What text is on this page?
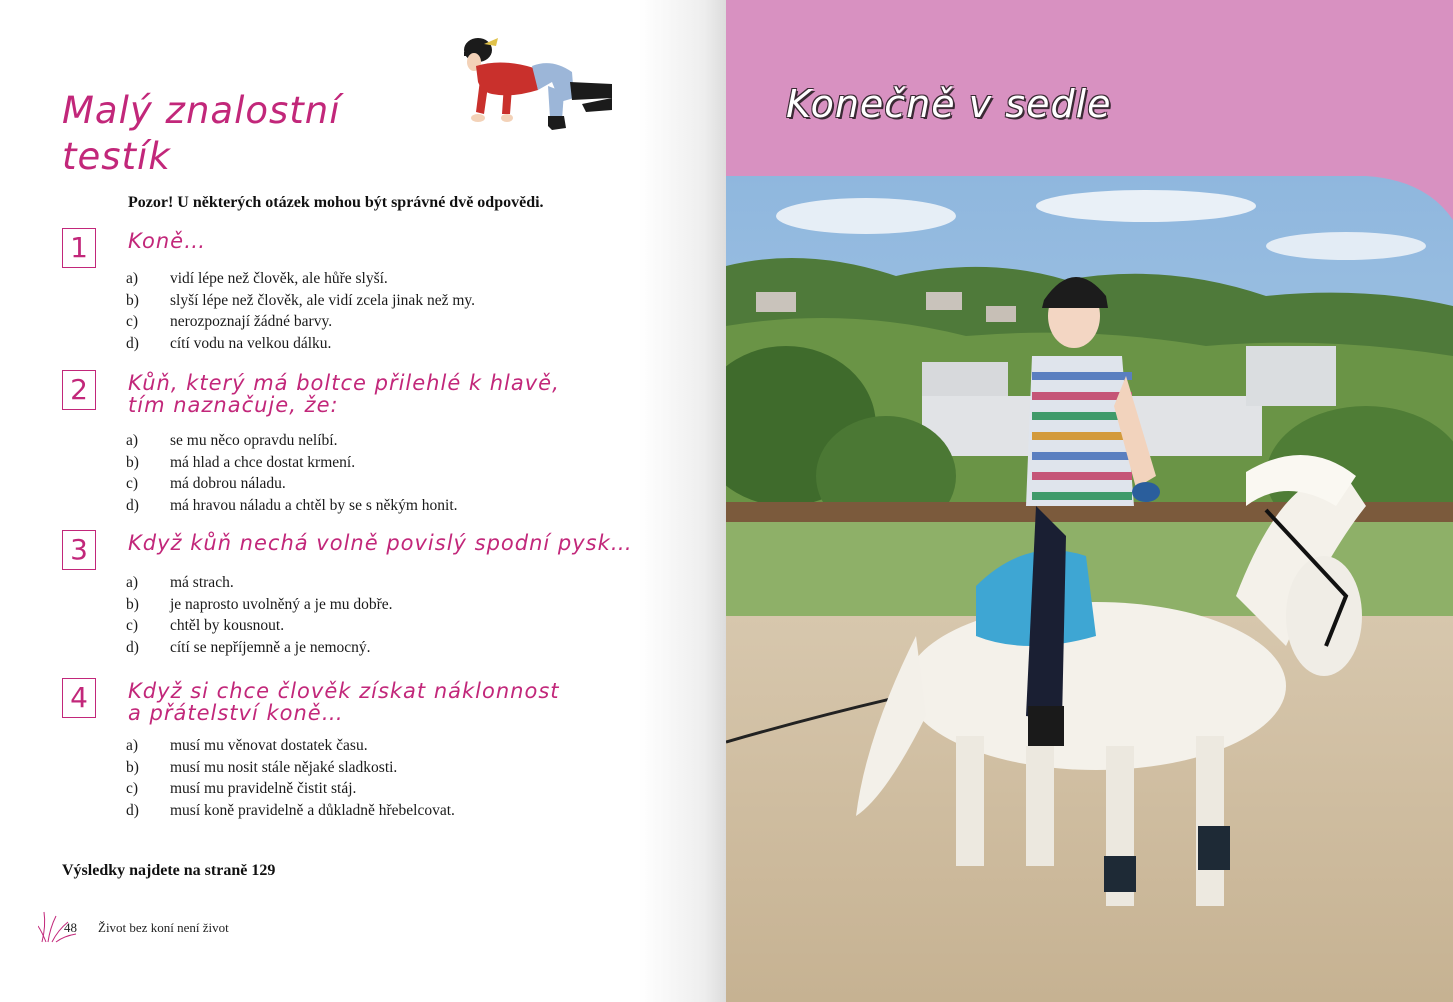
Malý znalostní
testík
Pozor! U některých otázek mohou být správné dvě odpovědi.
1	Koně…
a) vidí lépe než člověk, ale hůře slyší.
b) slyší lépe než člověk, ale vidí zcela jinak než my.
c) nerozpoznají žádné barvy.
d) cítí vodu na velkou dálku.
2	Kůň, který má boltce přilehlé k hlavě,
tím naznačuje, že:
a) se mu něco opravdu nelíbí.
b) má hlad a chce dostat krmení.
c) má dobrou náladu.
d) má hravou náladu a chtěl by se s někým honit.
3	Když kůň nechá volně povislý spodní pysk…
a) má strach.
b) je naprosto uvolněný a je mu dobře.
c) chtěl by kousnout.
d) cítí se nepříjemně a je nemocný.
4	Když si chce člověk získat náklonnost
a přátelství koně…
a) musí mu věnovat dostatek času.
b) musí mu nosit stále nějaké sladkosti.
c) musí mu pravidelně čistit stáj.
d) musí koně pravidelně a důkladně hřebelcovat.
Výsledky najdete na straně 129
48 Život bez koní není život
Konečně v sedle
